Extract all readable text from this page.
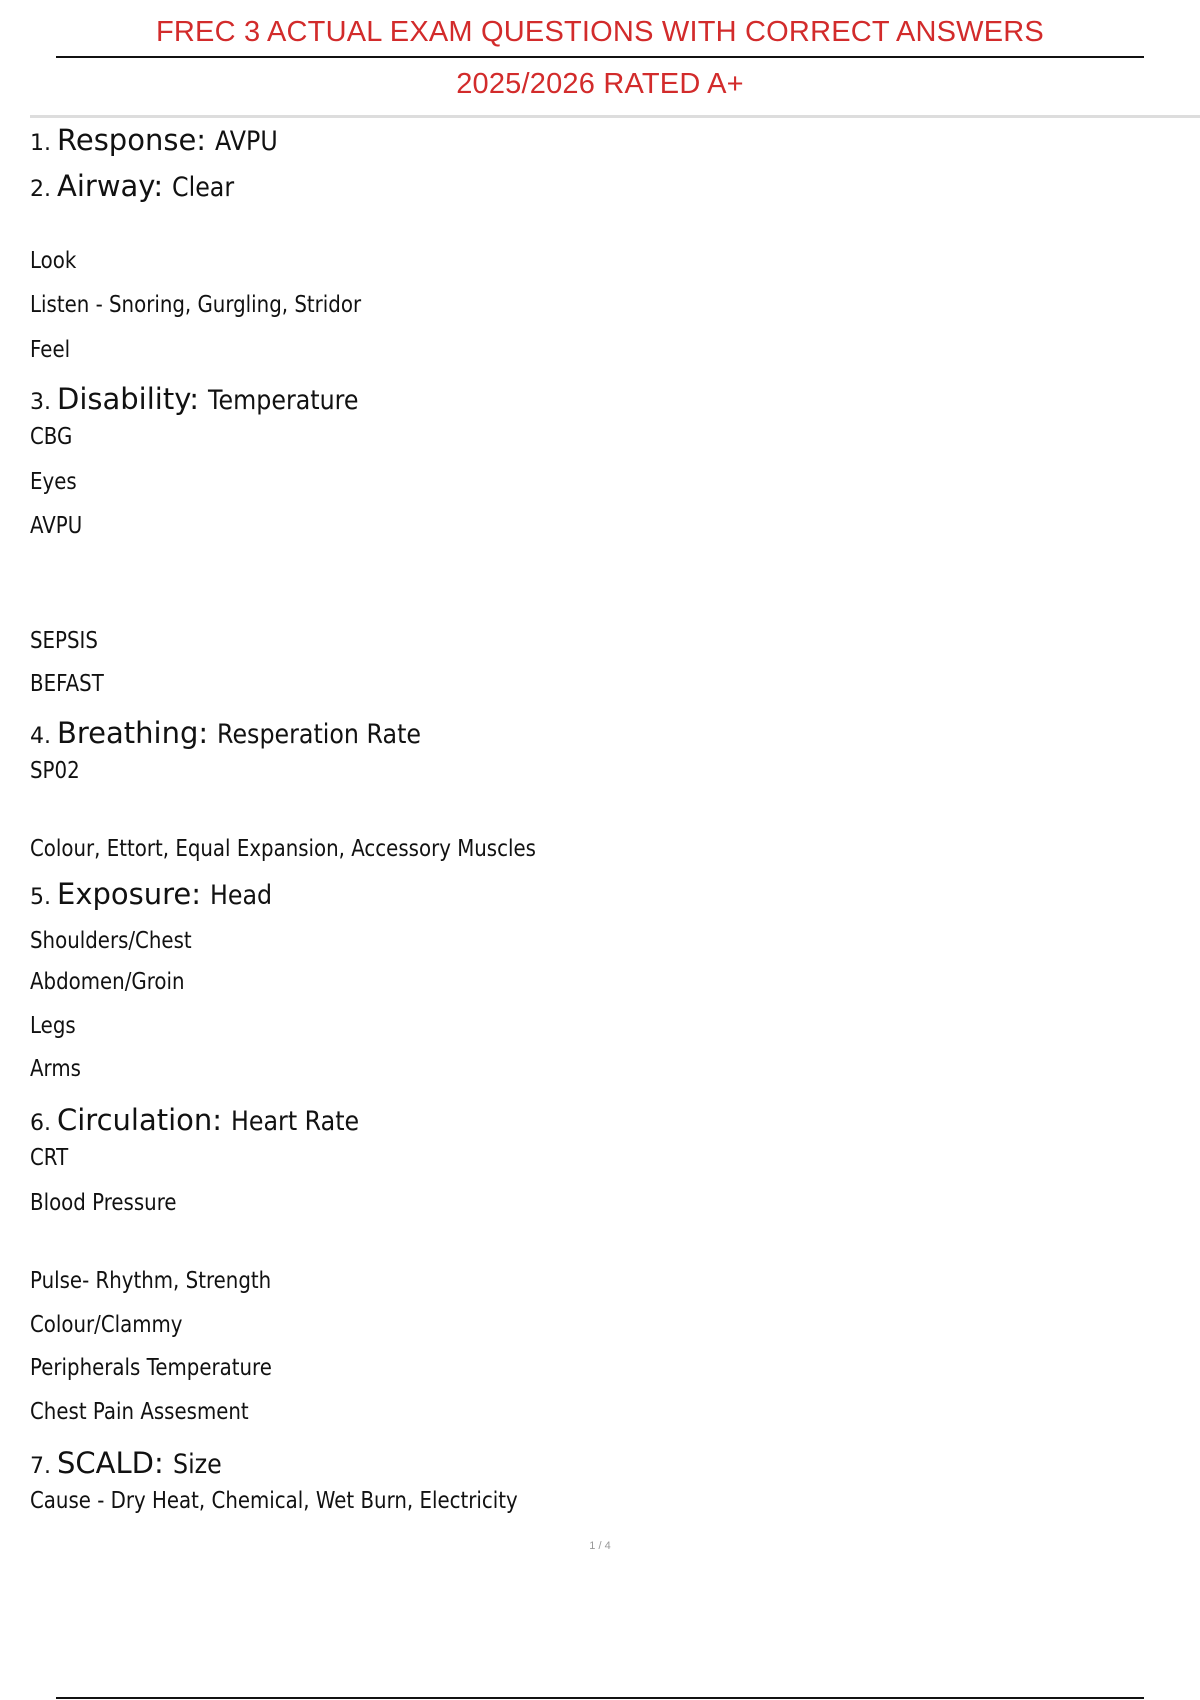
FREC 3 ACTUAL EXAM QUESTIONS WITH CORRECT ANSWERS
2025/2026 RATED A+
1. Response: AVPU
2. Airway: Clear
Look
Listen - Snoring, Gurgling, Stridor
Feel
3. Disability: Temperature
CBG
Eyes
AVPU
SEPSIS
BEFAST
4. Breathing: Resperation Rate
SP02
Colour, Ettort, Equal Expansion, Accessory Muscles
5. Exposure: Head
Shoulders/Chest
Abdomen/Groin
Legs
Arms
6. Circulation: Heart Rate
CRT
Blood Pressure
Pulse- Rhythm, Strength
Colour/Clammy
Peripherals Temperature
Chest Pain Assesment
7. SCALD: Size
Cause - Dry Heat, Chemical, Wet Burn, Electricity
1 / 4
